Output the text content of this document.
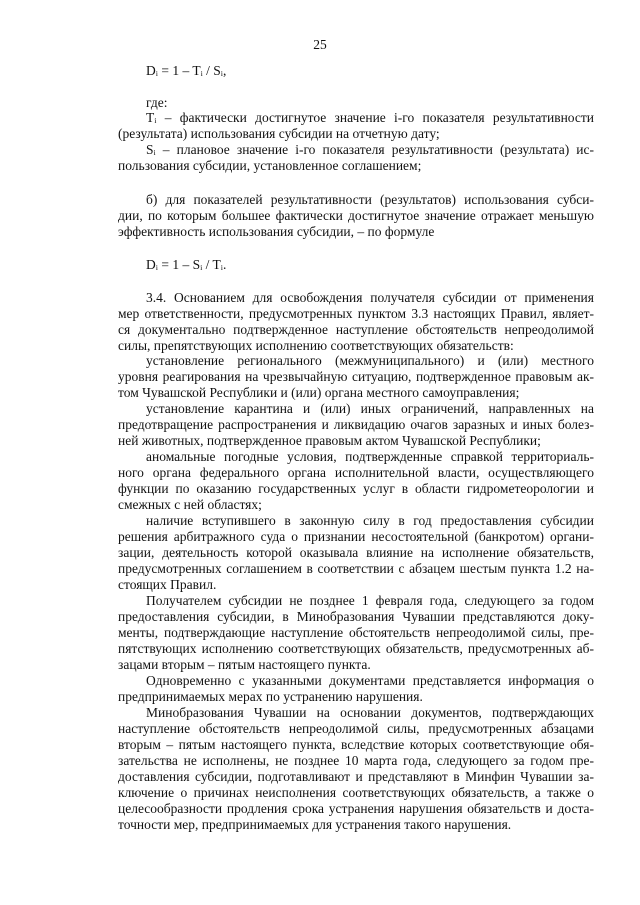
25
Dᵢ = 1 – Tᵢ / Sᵢ,
где:
Tᵢ – фактически достигнутое значение i-го показателя результативности
(результата) использования субсидии на отчетную дату;
Sᵢ – плановое значение i-го показателя результативности (результата) ис-
пользования субсидии, установленное соглашением;
б) для показателей результативности (результатов) использования субси-
дии, по которым большее фактически достигнутое значение отражает меньшую
эффективность использования субсидии, – по формуле
Dᵢ = 1 – Sᵢ / Tᵢ.
3.4. Основанием для освобождения получателя субсидии от применения
мер ответственности, предусмотренных пунктом 3.3 настоящих Правил, являет-
ся документально подтвержденное наступление обстоятельств непреодолимой
силы, препятствующих исполнению соответствующих обязательств:
установление регионального (межмуниципального) и (или) местного
уровня реагирования на чрезвычайную ситуацию, подтвержденное правовым ак-
том Чувашской Республики и (или) органа местного самоуправления;
установление карантина и (или) иных ограничений, направленных на
предотвращение распространения и ликвидацию очагов заразных и иных болез-
ней животных, подтвержденное правовым актом Чувашской Республики;
аномальные погодные условия, подтвержденные справкой территориаль-
ного органа федерального органа исполнительной власти, осуществляющего
функции по оказанию государственных услуг в области гидрометеорологии и
смежных с ней областях;
наличие вступившего в законную силу в год предоставления субсидии
решения арбитражного суда о признании несостоятельной (банкротом) органи-
зации, деятельность которой оказывала влияние на исполнение обязательств,
предусмотренных соглашением в соответствии с абзацем шестым пункта 1.2 на-
стоящих Правил.
Получателем субсидии не позднее 1 февраля года, следующего за годом
предоставления субсидии, в Минобразования Чувашии представляются доку-
менты, подтверждающие наступление обстоятельств непреодолимой силы, пре-
пятствующих исполнению соответствующих обязательств, предусмотренных аб-
зацами вторым – пятым настоящего пункта.
Одновременно с указанными документами представляется информация о
предпринимаемых мерах по устранению нарушения.
Минобразования Чувашии на основании документов, подтверждающих
наступление обстоятельств непреодолимой силы, предусмотренных абзацами
вторым – пятым настоящего пункта, вследствие которых соответствующие обя-
зательства не исполнены, не позднее 10 марта года, следующего за годом пре-
доставления субсидии, подготавливают и представляют в Минфин Чувашии за-
ключение о причинах неисполнения соответствующих обязательств, а также о
целесообразности продления срока устранения нарушения обязательств и доста-
точности мер, предпринимаемых для устранения такого нарушения.
